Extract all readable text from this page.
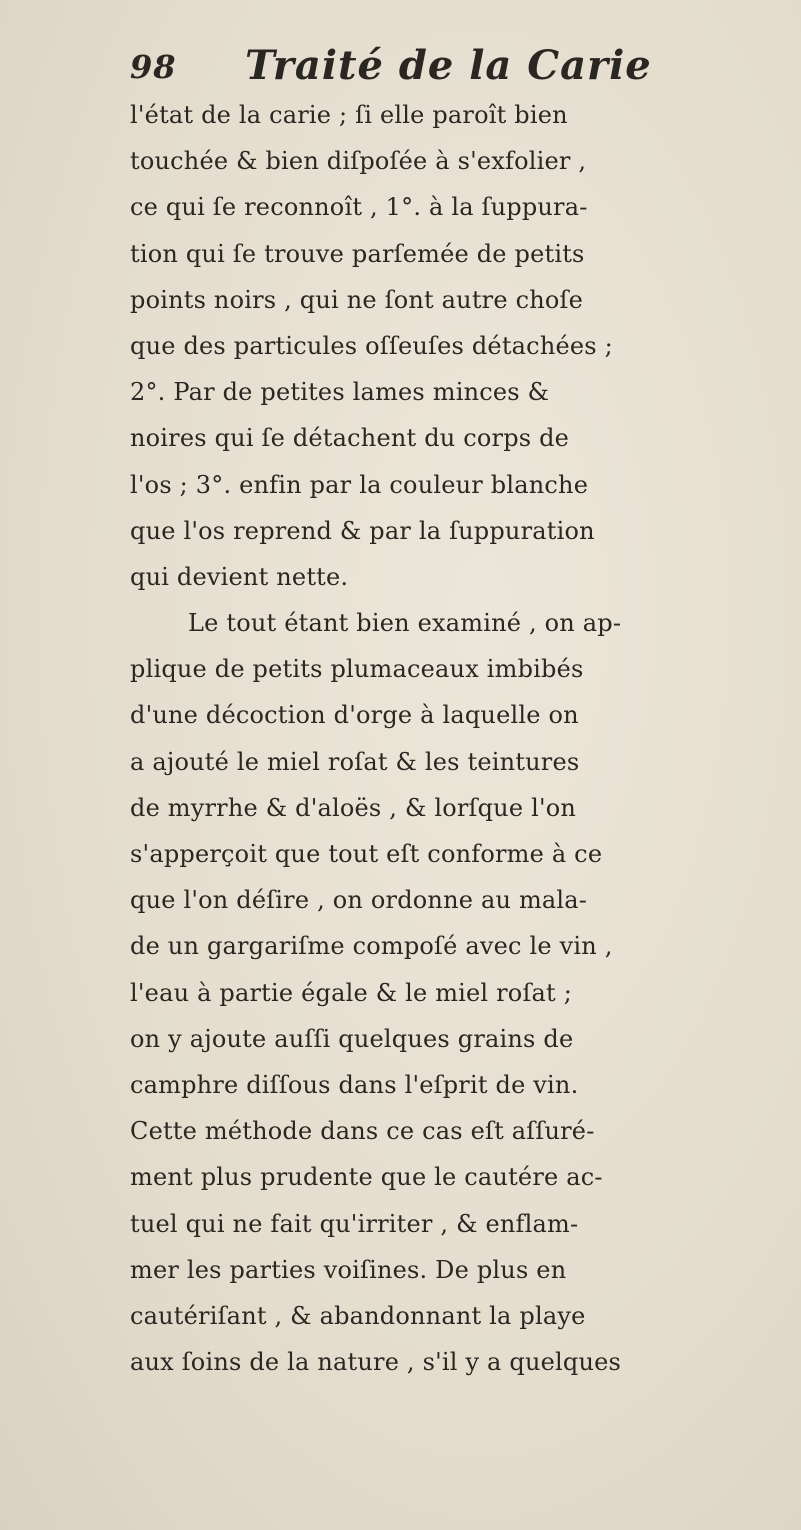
98 Traité de la Carie
l'état de la carie ; ſi elle paroît bien
touchée & bien diſpoſée à s'exfolier ,
ce qui ſe reconnoît , 1°. à la ſuppura-
tion qui ſe trouve parſemée de petits
points noirs , qui ne ſont autre choſe
que des particules oſſeuſes détachées ;
2°. Par de petites lames minces &
noires qui ſe détachent du corps de
l'os ; 3°. enfin par la couleur blanche
que l'os reprend & par la ſuppuration
qui devient nette.
Le tout étant bien examiné , on ap-
plique de petits plumaceaux imbibés
d'une décoction d'orge à laquelle on
a ajouté le miel roſat & les teintures
de myrrhe & d'aloës , & lorſque l'on
s'apperçoit que tout eſt conforme à ce
que l'on déſire , on ordonne au mala-
de un gargariſme compoſé avec le vin ,
l'eau à partie égale & le miel roſat ;
on y ajoute auſſi quelques grains de
camphre diſſous dans l'eſprit de vin.
Cette méthode dans ce cas eſt aſſuré-
ment plus prudente que le cautére ac-
tuel qui ne fait qu'irriter , & enflam-
mer les parties voiſines. De plus en
cautériſant , & abandonnant la playe
aux ſoins de la nature , s'il y a quelques
